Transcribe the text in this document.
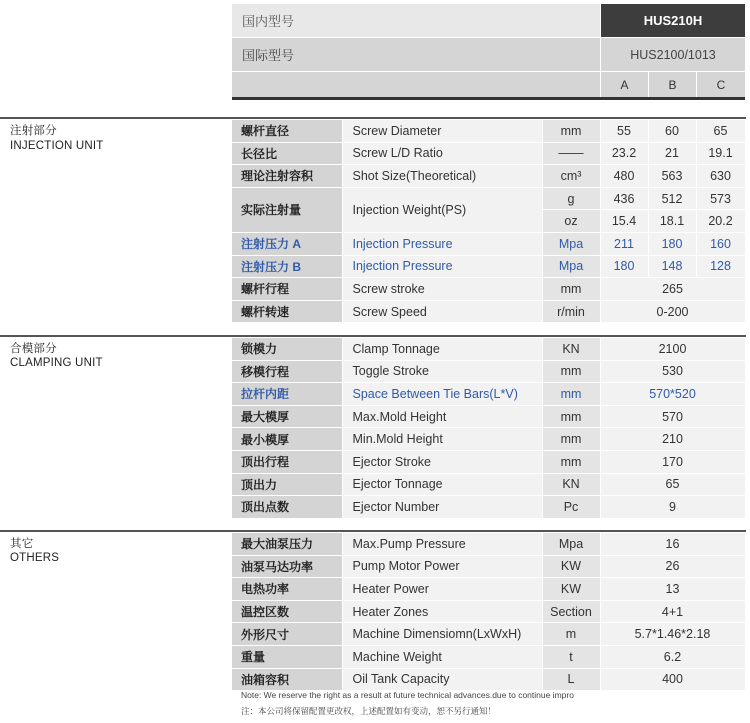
国内型号	HUS210H
国际型号	HUS2100/1013
A	B	C
注射部分
INJECTION UNIT
螺杆直径	Screw Diameter	mm	55	60	65
长径比	Screw L/D Ratio	——	23.2	21	19.1
理论注射容积	Shot Size(Theoretical)	cm³	480	563	630
实际注射量	Injection Weight(PS)	g	436	512	573
		oz	15.4	18.1	20.2
注射压力 A	Injection Pressure	Mpa	211	180	160
注射压力 B	Injection Pressure	Mpa	180	148	128
螺杆行程	Screw stroke	mm	265		
螺杆转速	Screw Speed	r/min	0-200		
合模部分
CLAMPING UNIT
锁模力	Clamp Tonnage	KN	2100
移模行程	Toggle Stroke	mm	530
拉杆内距	Space Between Tie Bars(L*V)	mm	570*520
最大模厚	Max.Mold Height	mm	570
最小模厚	Min.Mold Height	mm	210
顶出行程	Ejector Stroke	mm	170
顶出力	Ejector Tonnage	KN	65
顶出点数	Ejector Number	Pc	9
其它
OTHERS
最大油泵压力	Max.Pump Pressure	Mpa	16
油泵马达功率	Pump Motor Power	KW	26
电热功率	Heater Power	KW	13
温控区数	Heater Zones	Section	4+1
外形尺寸	Machine Dimensiomn(LxWxH)	m	5.7*1.46*2.18
重量	Machine Weight	t	6.2
油箱容积	Oil Tank Capacity	L	400
Note: We reserve the right as a result at future technical advances.due to continue impro
注：本公司将保留配置更改权，上述配置如有变动，恕不另行通知！
